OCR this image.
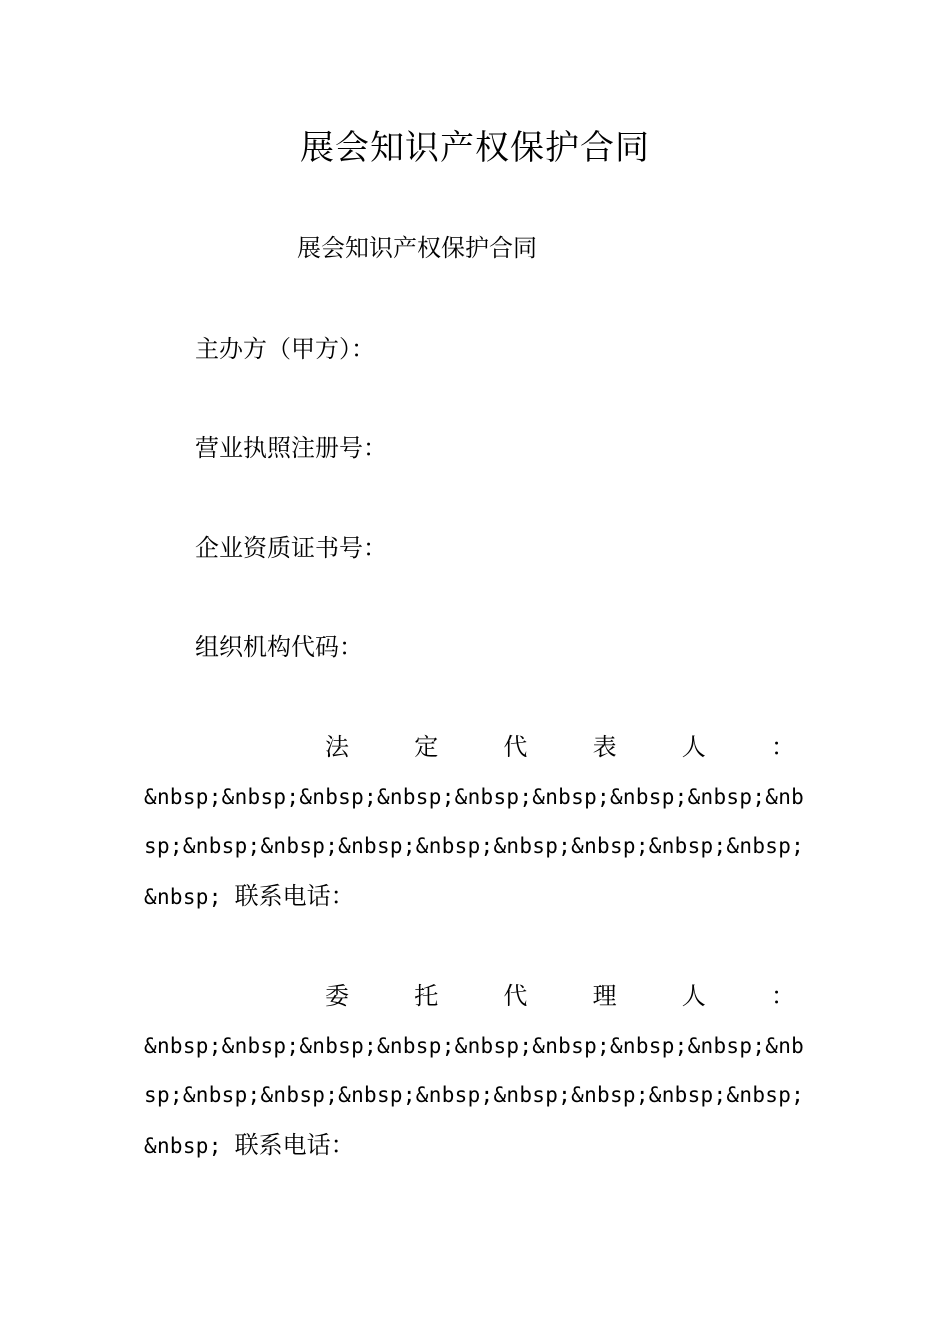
展会知识产权保护合同
展会知识产权保护合同
主办方（甲方）：
营业执照注册号：
企业资质证书号：
组织机构代码：
法	定	代	表	人	：
&nbsp;&nbsp;&nbsp;&nbsp;&nbsp;&nbsp;&nbsp;&nbsp;&nb
sp;&nbsp;&nbsp;&nbsp;&nbsp;&nbsp;&nbsp;&nbsp;&nbsp;
&nbsp; 联系电话：
委	托	代	理	人	：
&nbsp;&nbsp;&nbsp;&nbsp;&nbsp;&nbsp;&nbsp;&nbsp;&nb
sp;&nbsp;&nbsp;&nbsp;&nbsp;&nbsp;&nbsp;&nbsp;&nbsp;
&nbsp; 联系电话：
